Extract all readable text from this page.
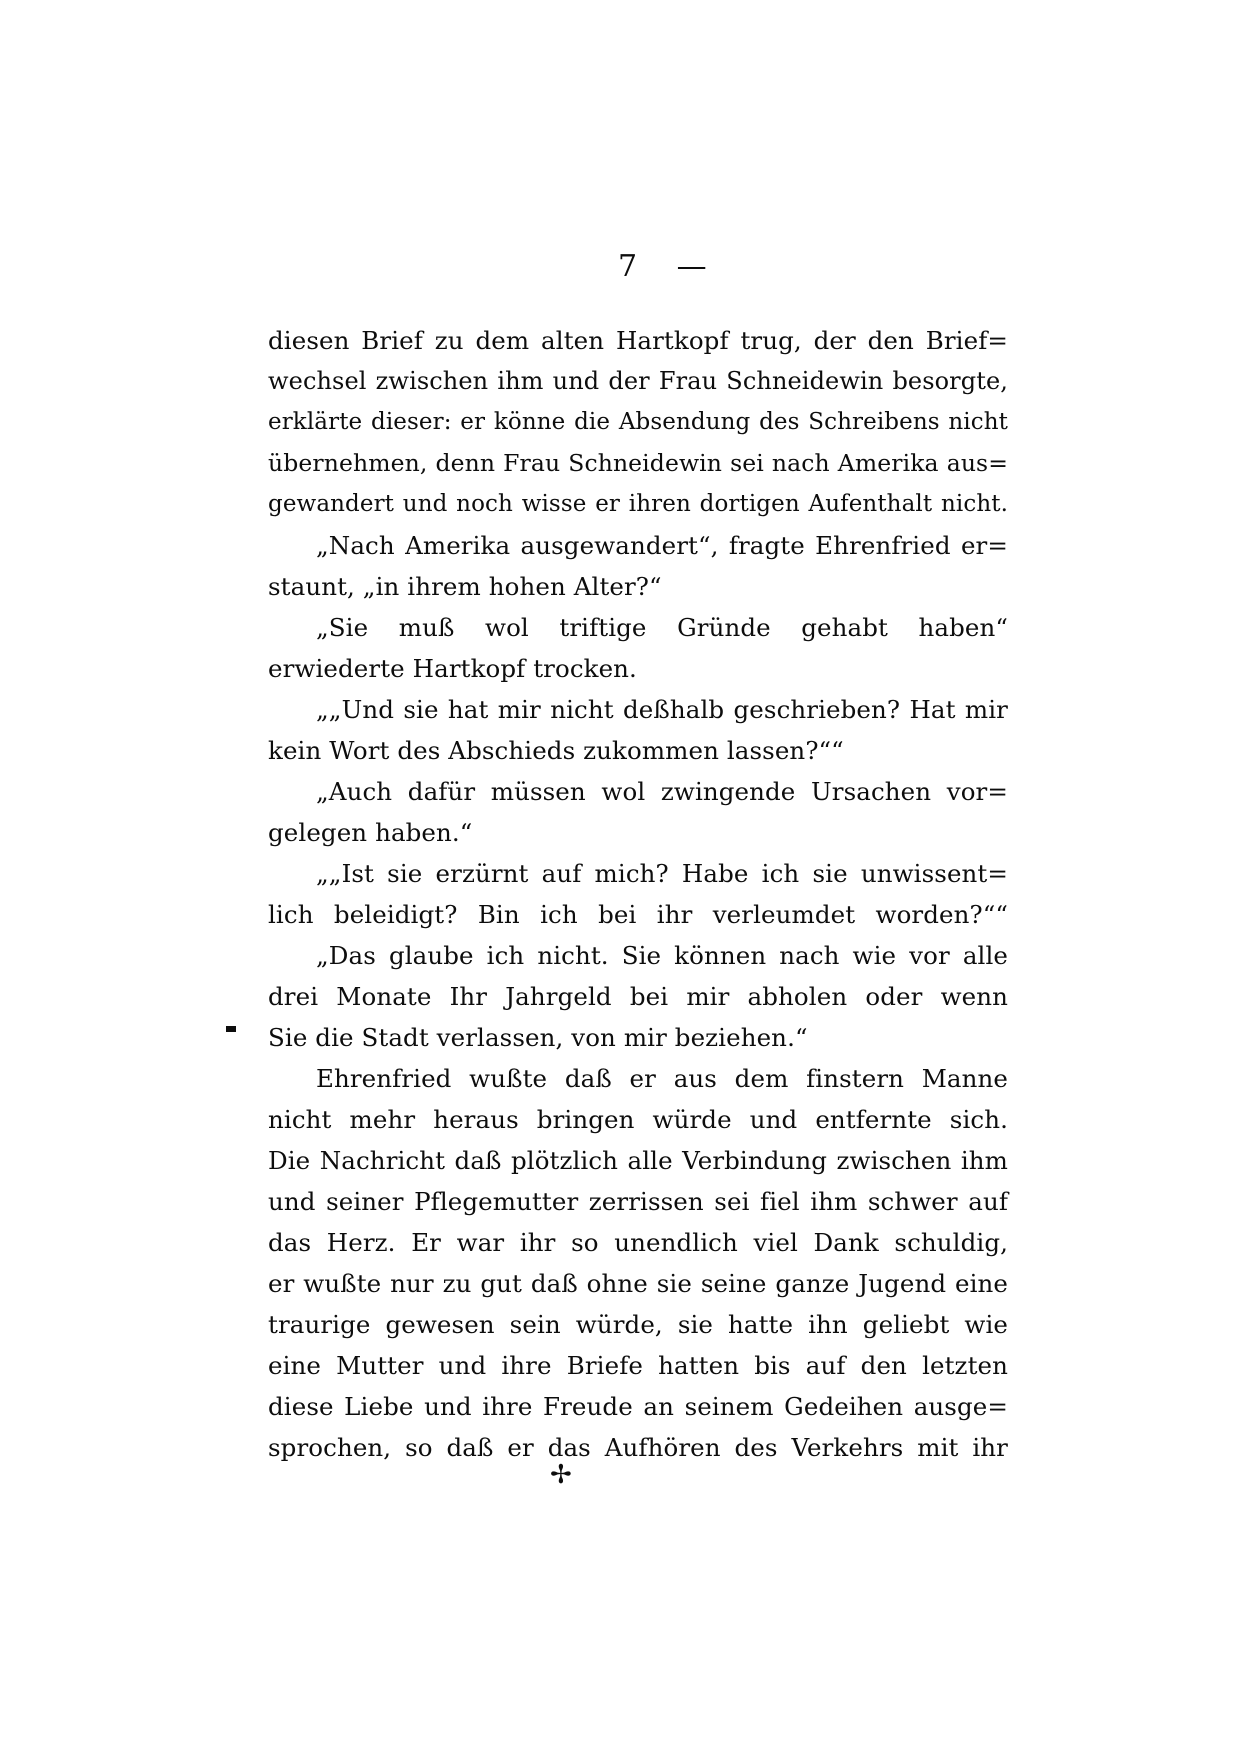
7 —
diesen Brief zu dem alten Hartkopf trug, der den Brief=
wechsel zwischen ihm und der Frau Schneidewin besorgte,
erklärte dieser: er könne die Absendung des Schreibens nicht
übernehmen, denn Frau Schneidewin sei nach Amerika aus=
gewandert und noch wisse er ihren dortigen Aufenthalt nicht.
„Nach Amerika ausgewandert“, fragte Ehrenfried er=
staunt, „in ihrem hohen Alter?“
„Sie muß wol triftige Gründe gehabt haben“
erwiederte Hartkopf trocken.
„„Und sie hat mir nicht deßhalb geschrieben? Hat mir
kein Wort des Abschieds zukommen lassen?““
„Auch dafür müssen wol zwingende Ursachen vor=
gelegen haben.“
„„Ist sie erzürnt auf mich? Habe ich sie unwissent=
lich beleidigt? Bin ich bei ihr verleumdet worden?““
„Das glaube ich nicht. Sie können nach wie vor alle
drei Monate Ihr Jahrgeld bei mir abholen oder wenn
Sie die Stadt verlassen, von mir beziehen.“
Ehrenfried wußte daß er aus dem finstern Manne
nicht mehr heraus bringen würde und entfernte sich.
Die Nachricht daß plötzlich alle Verbindung zwischen ihm
und seiner Pflegemutter zerrissen sei fiel ihm schwer auf
das Herz. Er war ihr so unendlich viel Dank schuldig,
er wußte nur zu gut daß ohne sie seine ganze Jugend eine
traurige gewesen sein würde, sie hatte ihn geliebt wie
eine Mutter und ihre Briefe hatten bis auf den letzten
diese Liebe und ihre Freude an seinem Gedeihen ausge=
sprochen, so daß er das Aufhören des Verkehrs mit ihr
✢
